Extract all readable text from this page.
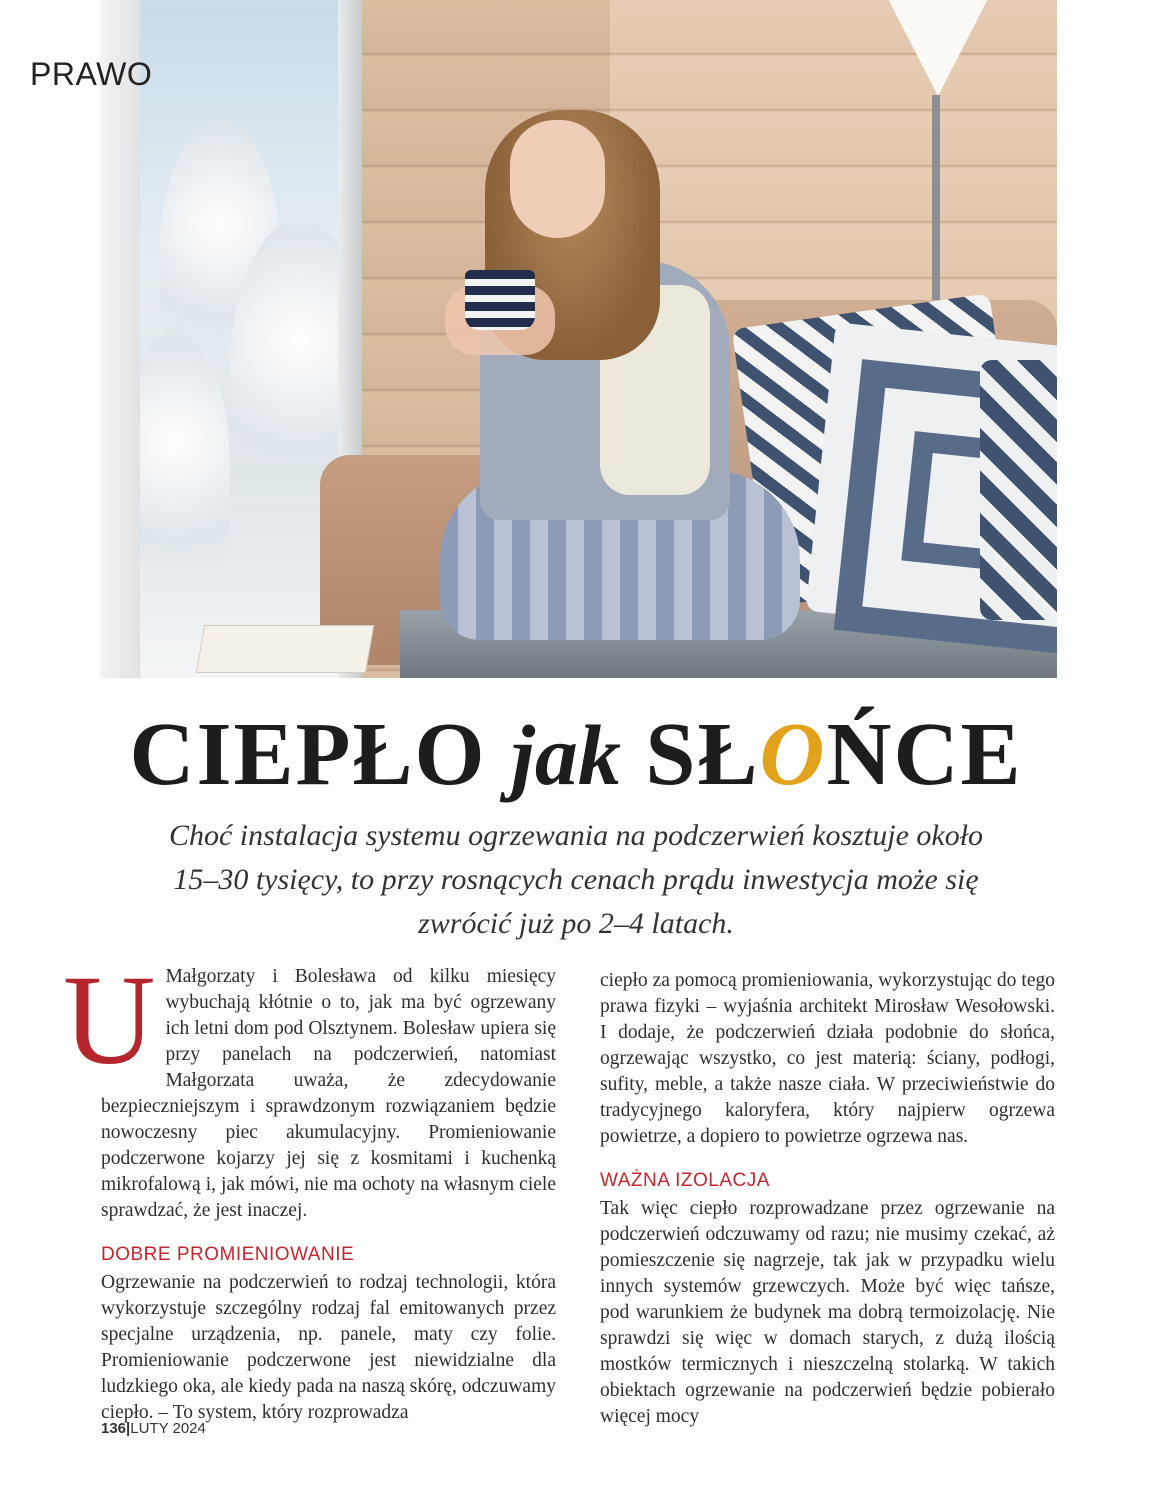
PRAWO
CIEPŁO jak SŁOŃCE

Choć instalacja systemu ogrzewania na podczerwień kosztuje około 15–30 tysięcy, to przy rosnących cenach prądu inwestycja może się zwrócić już po 2–4 latach.

U Małgorzaty i Bolesława od kilku miesięcy wybuchają kłótnie o to, jak ma być ogrzewany ich letni dom pod Olsztynem. Bolesław upiera się przy panelach na podczerwień, natomiast Małgorzata uważa, że zdecydowanie bezpieczniejszym i sprawdzonym rozwiązaniem będzie nowoczesny piec akumulacyjny. Promieniowanie podczerwone kojarzy jej się z kosmitami i kuchenką mikrofalową i, jak mówi, nie ma ochoty na własnym ciele sprawdzać, że jest inaczej.

DOBRE PROMIENIOWANIE

Ogrzewanie na podczerwień to rodzaj technologii, która wykorzystuje szczególny rodzaj fal emitowanych przez specjalne urządzenia, np. panele, maty czy folie. Promieniowanie podczerwone jest niewidzialne dla ludzkiego oka, ale kiedy pada na naszą skórę, odczuwamy ciepło. – To system, który rozprowadza

ciepło za pomocą promieniowania, wykorzystując do tego prawa fizyki – wyjaśnia architekt Mirosław Wesołowski. I dodaje, że podczerwień działa podobnie do słońca, ogrzewając wszystko, co jest materią: ściany, podłogi, sufity, meble, a także nasze ciała. W przeciwieństwie do tradycyjnego kaloryfera, który najpierw ogrzewa powietrze, a dopiero to powietrze ogrzewa nas.

WAŻNA IZOLACJA

Tak więc ciepło rozprowadzane przez ogrzewanie na podczerwień odczuwamy od razu; nie musimy czekać, aż pomieszczenie się nagrzeje, tak jak w przypadku wielu innych systemów grzewczych. Może być więc tańsze, pod warunkiem że budynek ma dobrą termoizolację. Nie sprawdzi się więc w domach starych, z dużą ilością mostków termicznych i nieszczelną stolarką. W takich obiektach ogrzewanie na podczerwień będzie pobierało więcej mocy

136|LUTY 2024
